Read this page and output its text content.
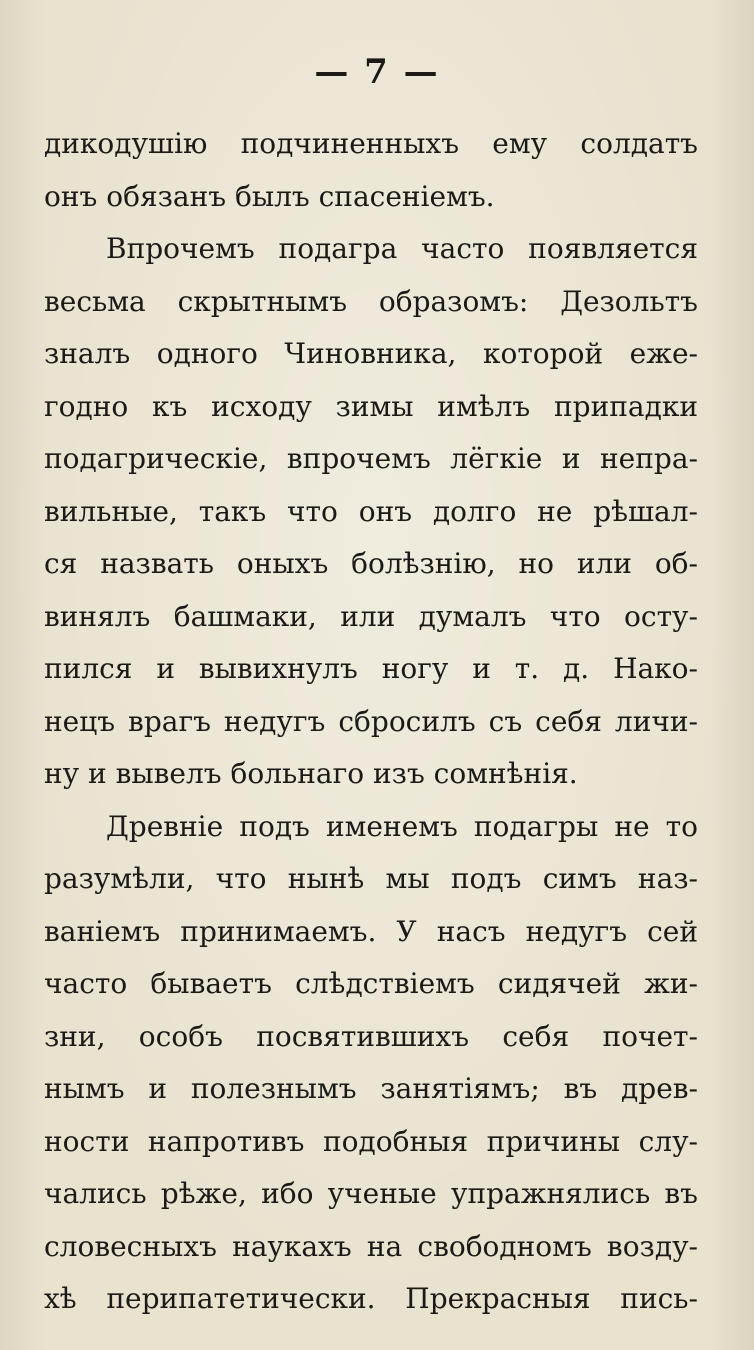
— 7 —
дикодушiю подчиненныхъ ему солдатъ
онъ обязанъ былъ спасенiемъ.
Впрочемъ подагра часто появляется
весьма скрытнымъ образомъ: Дезольтъ
зналъ одного Чиновника, которой еже-
годно къ исходу зимы имѣлъ припадки
подагрическiе, впрочемъ лёгкiе и непра-
вильные, такъ что онъ долго не рѣшал-
ся назвать оныхъ болѣзнiю, но или об-
винялъ башмаки, или думалъ что осту-
пился и вывихнулъ ногу и т. д. Нако-
нецъ врагъ недугъ сбросилъ съ себя личи-
ну и вывелъ больнаго изъ сомнѣнiя.
Древнiе подъ именемъ подагры не то
разумѣли, что нынѣ мы подъ симъ наз-
ванiемъ принимаемъ. У насъ недугъ сей
часто бываетъ слѣдствiемъ сидячей жи-
зни, особъ посвятившихъ себя почет-
нымъ и полезнымъ занятiямъ; въ древ-
ности напротивъ подобныя причины слу-
чались рѣже, ибо ученые упражнялись въ
словесныхъ наукахъ на свободномъ возду-
хѣ перипатетически. Прекрасныя пись-
